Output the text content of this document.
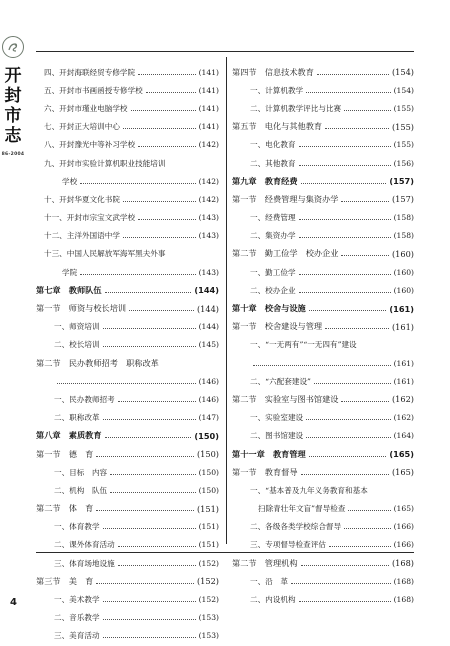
开
封
市
志
86-2004
四、开封海联经贸专修学院	(141)
五、开封市书画函授专修学校	(141)
六、开封市瑾业电脑学校	(141)
七、开封正大培训中心	(141)
八、开封豫光中等补习学校	(142)
九、开封市实验计算机职业技能培训
学校	(142)
十、开封华夏文化书院	(142)
十一、开封市宗宝文武学校	(143)
十二、主洋外国语中学	(143)
十三、中国人民解放军海军黑夫外事
学院	(143)
第七章　教师队伍	(144)
第一节　师资与校长培训	(144)
一、师资培训	(144)
二、校长培训	(145)
第二节　民办教师招考　职称改革
(146)
一、民办教师招考	(146)
二、职称改革	(147)
第八章　素质教育	(150)
第一节　德　育	(150)
一、目标　内容	(150)
二、机构　队伍	(150)
第二节　体　育	(151)
一、体育教学	(151)
二、课外体育活动	(151)
三、体育场地设施	(152)
第三节　美　育	(152)
一、美术教学	(152)
二、音乐教学	(153)
三、美育活动	(153)
第四节　信息技术教育	(154)
一、计算机教学	(154)
二、计算机教学评比与比赛	(155)
第五节　电化与其他教育	(155)
一、电化教育	(155)
二、其他教育	(156)
第九章　教育经费	(157)
第一节　经费管理与集资办学	(157)
一、经费管理	(158)
二、集资办学	(158)
第二节　勤工俭学　校办企业	(160)
一、勤工俭学	(160)
二、校办企业	(160)
第十章　校舍与设施	(161)
第一节　校舍建设与管理	(161)
一、“一无两有”“一无四有”建设
(161)
二、“六配套建设”	(161)
第二节　实验室与图书馆建设	(162)
一、实验室建设	(162)
二、图书馆建设	(164)
第十一章　教育管理	(165)
第一节　教育督导	(165)
一、“基本普及九年义务教育和基本
扫除青壮年文盲”督导检查	(165)
二、各级各类学校综合督导	(166)
三、专项督导检查评估	(166)
第二节　管理机构	(168)
一、沿　革	(168)
二、内设机构	(168)
4
